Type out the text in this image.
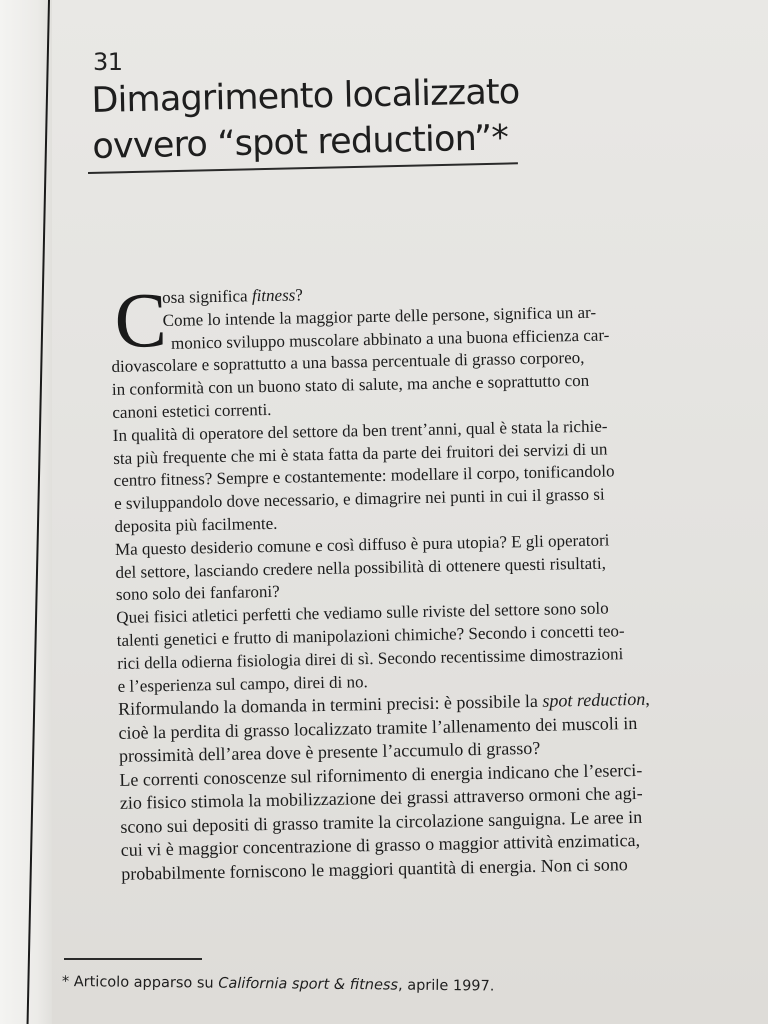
31
Dimagrimento localizzato
ovvero “spot reduction”*
C
osa significa fitness?
Come lo intende la maggior parte delle persone, significa un ar-
monico sviluppo muscolare abbinato a una buona efficienza car-
diovascolare e soprattutto a una bassa percentuale di grasso corporeo,
in conformità con un buono stato di salute, ma anche e soprattutto con
canoni estetici correnti.
In qualità di operatore del settore da ben trent’anni, qual è stata la richie-
sta più frequente che mi è stata fatta da parte dei fruitori dei servizi di un
centro fitness? Sempre e costantemente: modellare il corpo, tonificandolo
e sviluppandolo dove necessario, e dimagrire nei punti in cui il grasso si
deposita più facilmente.
Ma questo desiderio comune e così diffuso è pura utopia? E gli operatori
del settore, lasciando credere nella possibilità di ottenere questi risultati,
sono solo dei fanfaroni?
Quei fisici atletici perfetti che vediamo sulle riviste del settore sono solo
talenti genetici e frutto di manipolazioni chimiche? Secondo i concetti teo-
rici della odierna fisiologia direi di sì. Secondo recentissime dimostrazioni
e l’esperienza sul campo, direi di no.
Riformulando la domanda in termini precisi: è possibile la spot reduction,
cioè la perdita di grasso localizzato tramite l’allenamento dei muscoli in
prossimità dell’area dove è presente l’accumulo di grasso?
Le correnti conoscenze sul rifornimento di energia indicano che l’eserci-
zio fisico stimola la mobilizzazione dei grassi attraverso ormoni che agi-
scono sui depositi di grasso tramite la circolazione sanguigna. Le aree in
cui vi è maggior concentrazione di grasso o maggior attività enzimatica,
probabilmente forniscono le maggiori quantità di energia. Non ci sono
* Articolo apparso su California sport & fitness, aprile 1997.
